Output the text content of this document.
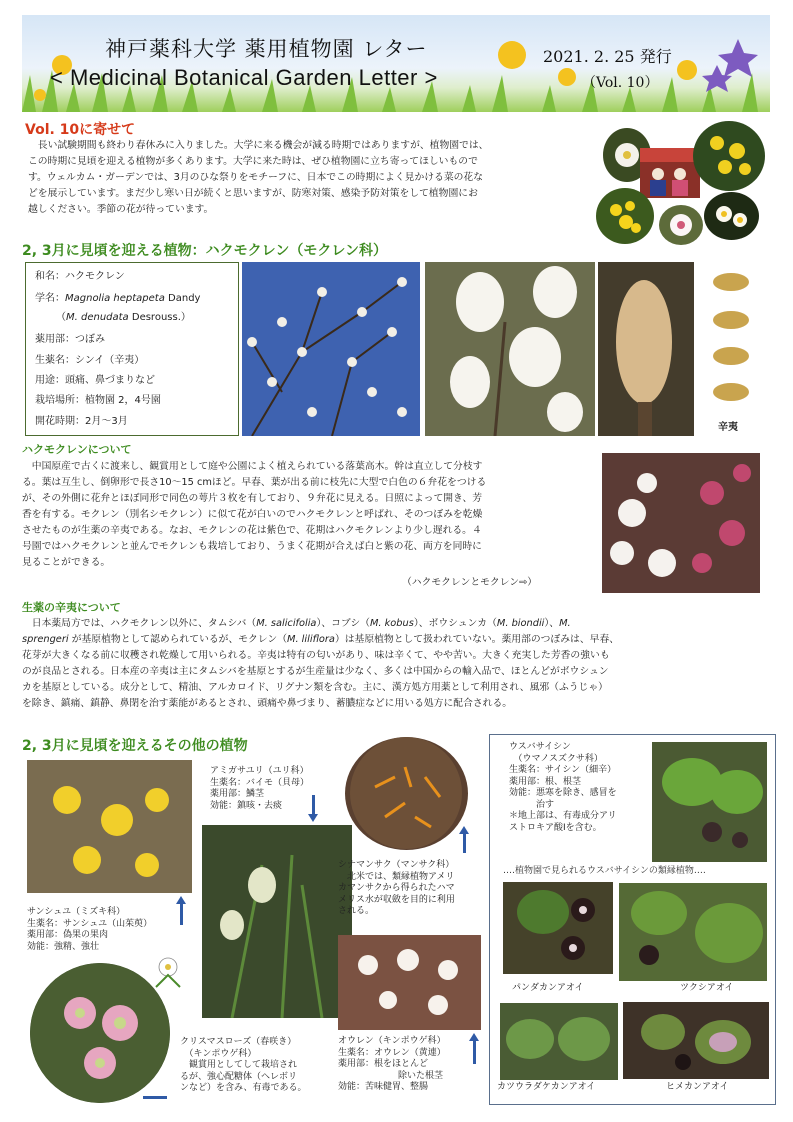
神戸薬科大学 薬用植物園 レター
< Medicinal Botanical Garden Letter >
2021. 2. 25 発行
（Vol. 10）
Vol. 10に寄せて
　長い試験期間も終わり春休みに入りました。大学に来る機会が減る時期ではありますが、植物園では、
この時期に見頃を迎える植物が多くあります。大学に来た時は、ぜひ植物園に立ち寄ってほしいもので
す。ウェルカム・ガーデンでは、3月のひな祭りをモチーフに、日本でこの時期によく見かける菜の花な
どを展示しています。まだ少し寒い日が続くと思いますが、防寒対策、感染予防対策をして植物園にお
越しください。季節の花が待っています。
2, 3月に見頃を迎える植物：ハクモクレン（モクレン科）
和名：ハクモクレン
学名：Magnolia heptapeta Dandy
（M. denudata Desrouss.）
薬用部：つぼみ
生薬名：シンイ（辛夷）
用途：頭痛、鼻づまりなど
栽培場所：植物園 2，4号園
開花時期：2月～3月
辛夷
ハクモクレンについて
　中国原産で古くに渡来し、観賞用として庭や公園によく植えられている落葉高木。幹は直立して分枝す
る。葉は互生し、倒卵形で長さ10～15 cmほど。早春、葉が出る前に枝先に大型で白色の６弁花をつける
が、その外側に花弁とほぼ同形で同色の萼片３枚を有しており、９弁花に見える。日照によって開き、芳
香を有する。モクレン（別名シモクレン）に似て花が白いのでハクモクレンと呼ばれ、そのつぼみを乾燥
させたものが生薬の辛夷である。なお、モクレンの花は紫色で、花期はハクモクレンより少し遅れる。４
号園ではハクモクレンと並んでモクレンも栽培しており、うまく花期が合えば白と紫の花、両方を同時に
見ることができる。
（ハクモクレンとモクレン⇨）
生薬の辛夷について
　日本薬局方では、ハクモクレン以外に、タムシバ（M. salicifolia）、コブシ（M. kobus）、ボウシュンカ（M. biondii）、M.
sprengeri が基原植物として認められているが、モクレン（M. liliflora）は基原植物として扱われていない。薬用部のつぼみは、早春、
花芽が大きくなる前に収穫され乾燥して用いられる。辛夷は特有の匂いがあり、味は辛くて、やや苦い。大きく充実した芳香の強いも
のが良品とされる。日本産の辛夷は主にタムシバを基原とするが生産量は少なく、多くは中国からの輸入品で、ほとんどがボウシュン
カを基原としている。成分として、精油、アルカロイド、リグナン類を含む。主に、漢方処方用薬として利用され、風邪（ふうじゃ）
を除き、鎮痛、鎮静、鼻閉を治す薬能があるとされ、頭痛や鼻づまり、蓄膿症などに用いる処方に配合される。
2, 3月に見頃を迎えるその他の植物
サンシュユ（ミズキ科）
生薬名：サンシュユ（山茱萸）
薬用部：偽果の果肉
効能：強精、強壮
アミガサユリ（ユリ科）
生薬名：バイモ（貝母）
薬用部：鱗茎
効能：鎮咳・去痰
シナマンサク（マンサク科）
　北米では、類縁植物アメリ
カマンサクから得られたハマ
メリス水が収斂を目的に利用
される。
オウレン（キンポウゲ科）
生薬名：オウレン（黄連）
薬用部：根をほとんど
除いた根茎
効能：苦味健胃、整腸
クリスマスローズ（春咲き）
　（キンポウゲ科）
　観賞用としてして栽培され
るが、強心配糖体（ヘレボリ
ンなど）を含み、有毒である。
ウスバサイシン
　（ウマノスズクサ科）
生薬名：サイシン（細辛）
薬用部：根、根茎
効能：悪寒を除き、感冒を
　　　治す
＊地上部は、有毒成分アリ
ストロキア酸Ⅰを含む。
‥‥植物園で見られるウスバサイシンの類縁植物‥‥
パンダカンアオイ	ツクシアオイ
カツウラダケカンアオイ	ヒメカンアオイ
